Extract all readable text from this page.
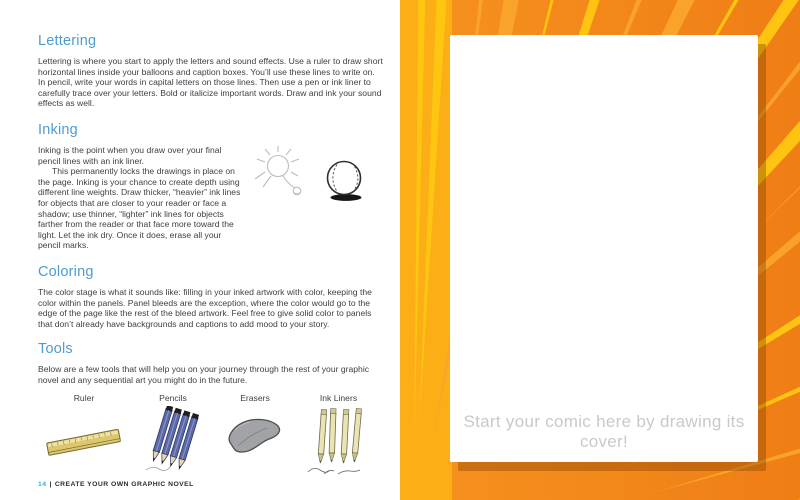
Lettering

Lettering is where you start to apply the letters and sound effects. Use a ruler to draw short horizontal lines inside your balloons and caption boxes. You’ll use these lines to write on. In pencil, write your words in capital letters on those lines. Then use a pen or ink liner to carefully trace over your letters. Bold or italicize important words. Draw and ink your sound effects as well.

Inking

Inking is the point when you draw over your final pencil lines with an ink liner.

This permanently locks the drawings in place on the page. Inking is your chance to create depth using different line weights. Draw thicker, “heavier” ink lines for objects that are closer to your reader or face a shadow; use thinner, “lighter” ink lines for objects farther from the reader or that face more toward the light. Let the ink dry. Once it does, erase all your pencil marks.

Coloring

The color stage is what it sounds like: filling in your inked artwork with color, keeping the color within the panels. Panel bleeds are the exception, where the color would go to the edge of the page like the rest of the bleed artwork. Feel free to give solid color to panels that don’t already have backgrounds and captions to add mood to your story.

Tools

Below are a few tools that will help you on your journey through the rest of your graphic novel and any sequential art you might do in the future.

Ruler	Pencils	Erasers	Ink Liners
14 | CREATE YOUR OWN GRAPHIC NOVEL
Start your comic here by drawing its cover!
